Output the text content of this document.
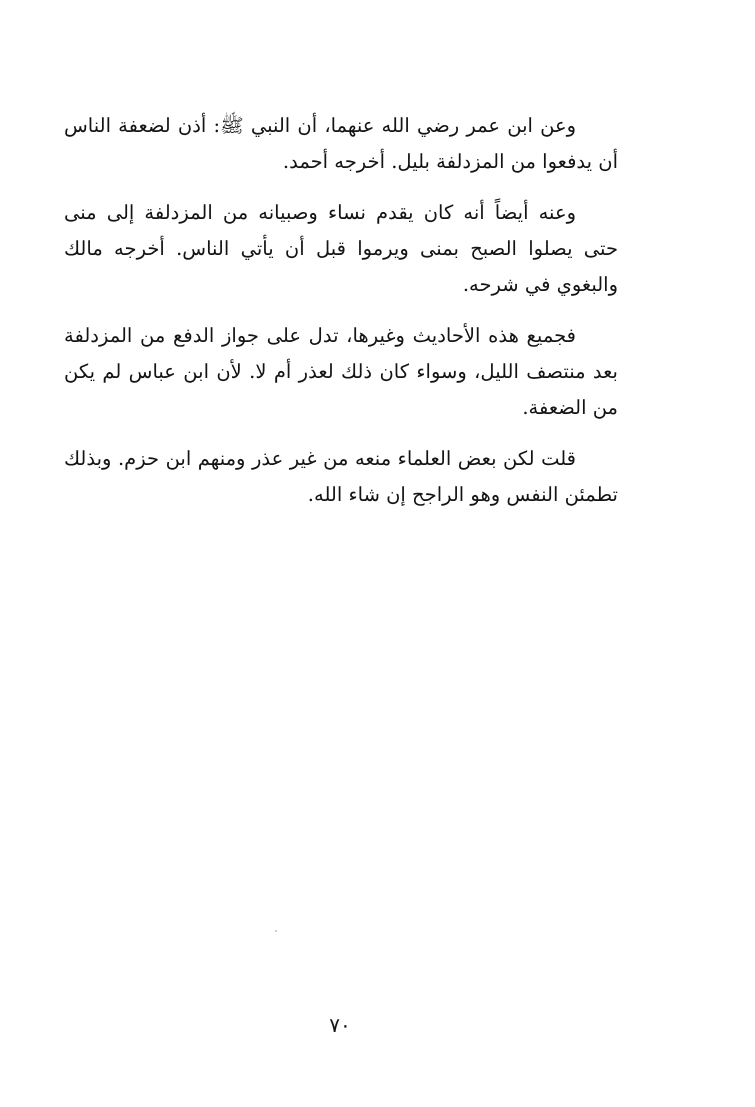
وعن ابن عمر رضي الله عنهما، أن النبي ﷺ: أذن لضعفة الناس أن يدفعوا من المزدلفة بليل. أخرجه أحمد.

وعنه أيضاً أنه كان يقدم نساء وصبيانه من المزدلفة إلى منى حتى يصلوا الصبح بمنى ويرموا قبل أن يأتي الناس. أخرجه مالك والبغوي في شرحه.

فجميع هذه الأحاديث وغيرها، تدل على جواز الدفع من المزدلفة بعد منتصف الليل، وسواء كان ذلك لعذر أم لا. لأن ابن عباس لم يكن من الضعفة.

قلت لكن بعض العلماء منعه من غير عذر ومنهم ابن حزم. وبذلك تطمئن النفس وهو الراجح إن شاء الله.

٧٠
